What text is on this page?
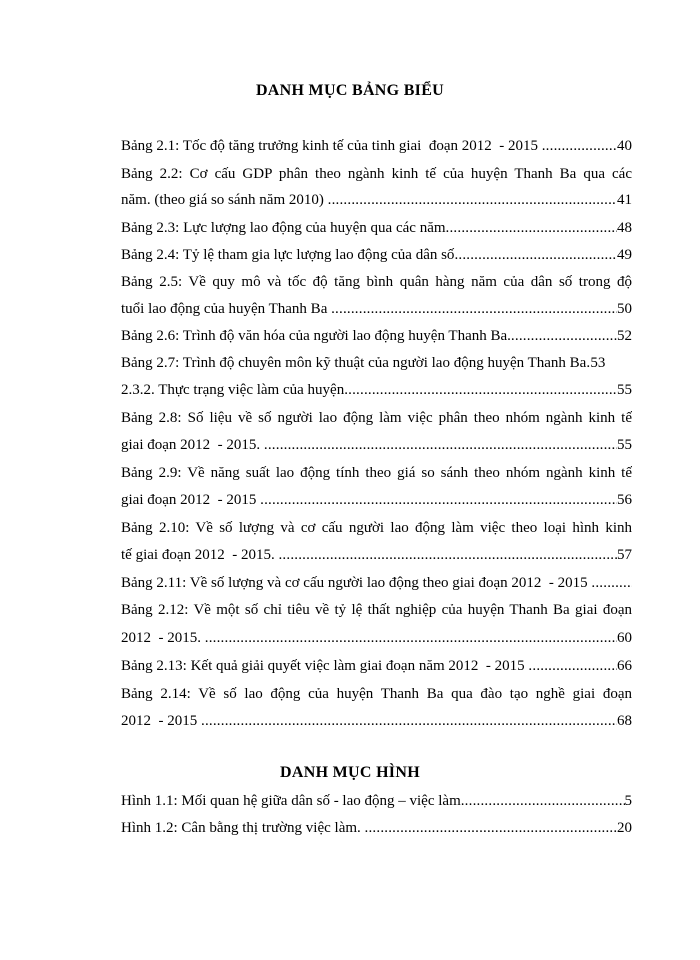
DANH MỤC BẢNG BIỂU
Bảng 2.1: Tốc độ tăng trưởng kinh tế của tinh giai  đoạn 2012  - 2015 .....	40
Bảng 2.2: Cơ cấu GDP phân theo ngành kinh tế của huyện Thanh Ba qua các
năm. (theo giá so sánh năm 2010) .....	41
Bảng 2.3: Lực lượng lao động của huyện qua các năm .....	48
Bảng 2.4: Tỷ lệ tham gia lực lượng lao động của dân số .....	49
Bảng 2.5: Về quy mô và tốc độ tăng bình quân hàng năm của dân số trong độ
tuổi lao động của huyện Thanh Ba .....	50
Bảng 2.6: Trình độ văn hóa của người lao động huyện Thanh Ba. .....	52
Bảng 2.7: Trình độ chuyên môn kỹ thuật của người lao động huyện Thanh Ba ..... 53
2.3.2. Thực trạng việc làm của huyện .....	55
Bảng 2.8: Số liệu về số người lao động làm việc phân theo nhóm ngành kinh tế
giai đoạn 2012  - 2015. .....	55
Bảng 2.9: Về năng suất lao động tính theo giá so sánh theo nhóm ngành kinh tế
giai đoạn 2012  - 2015 .....	56
Bảng 2.10: Về số lượng và cơ cấu người lao động làm việc theo loại hình kinh
tế giai đoạn 2012  - 2015. .....	57
Bảng 2.11: Về số lượng và cơ cấu người lao động theo giai đoạn 2012  - 2015
.....
Bảng 2.12: Về một số chỉ tiêu về tỷ lệ thất nghiệp của huyện Thanh Ba giai đoạn
2012  - 2015. .....	60
Bảng 2.13: Kết quả giải quyết việc làm giai đoạn năm 2012  - 2015 .....	66
Bảng 2.14: Về số lao động của huyện Thanh Ba qua đào tạo nghề giai đoạn
2012  - 2015 .....	68
DANH MỤC HÌNH
Hình 1.1: Mối quan hệ giữa dân số - lao động – việc làm .....	5
Hình 1.2: Cân bằng thị trường việc làm. .....	20
